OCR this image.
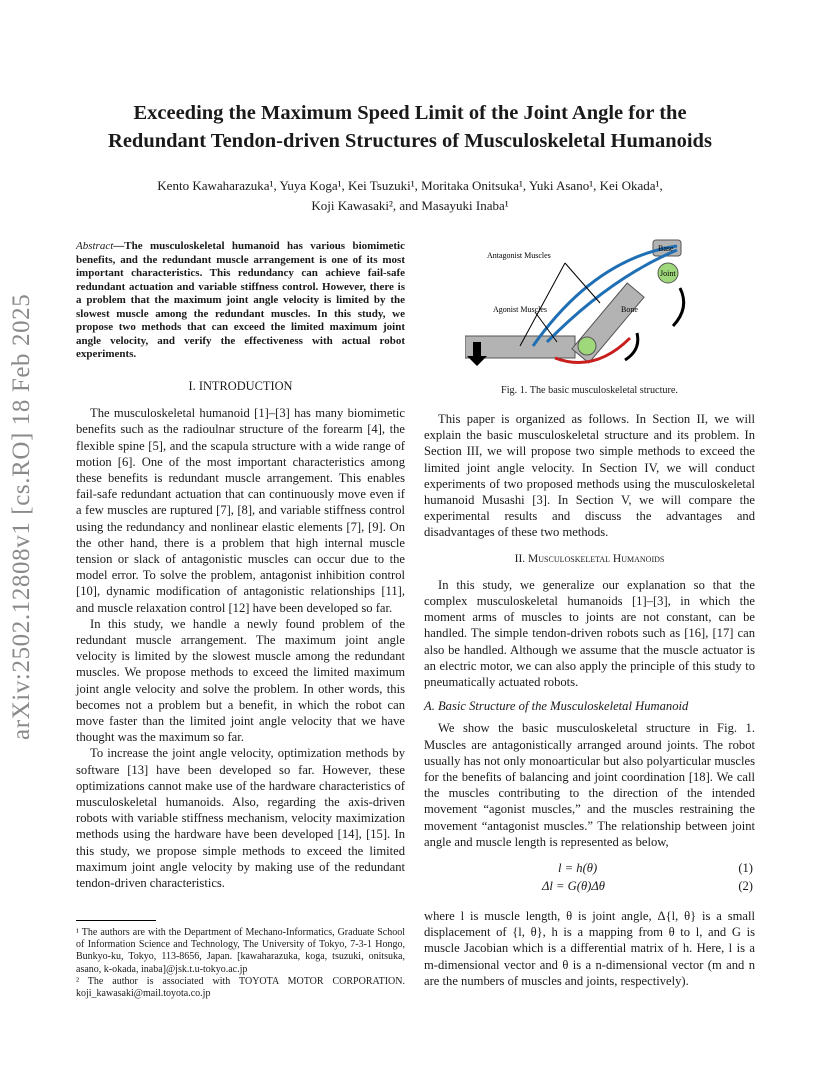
Exceeding the Maximum Speed Limit of the Joint Angle for the
Redundant Tendon-driven Structures of Musculoskeletal Humanoids
Kento Kawaharazuka¹, Yuya Koga¹, Kei Tsuzuki¹, Moritaka Onitsuka¹, Yuki Asano¹, Kei Okada¹,
Koji Kawasaki², and Masayuki Inaba¹
arXiv:2502.12808v1 [cs.RO] 18 Feb 2025
Abstract—The musculoskeletal humanoid has various biomimetic benefits, and the redundant muscle arrangement is one of its most important characteristics. This redundancy can achieve fail-safe redundant actuation and variable stiffness control. However, there is a problem that the maximum joint angle velocity is limited by the slowest muscle among the redundant muscles. In this study, we propose two methods that can exceed the limited maximum joint angle velocity, and verify the effectiveness with actual robot experiments.
I. INTRODUCTION

The musculoskeletal humanoid [1]–[3] has many biomimetic benefits such as the radioulnar structure of the forearm [4], the flexible spine [5], and the scapula structure with a wide range of motion [6]. One of the most important characteristics among these benefits is redundant muscle arrangement. This enables fail-safe redundant actuation that can continuously move even if a few muscles are ruptured [7], [8], and variable stiffness control using the redundancy and nonlinear elastic elements [7], [9]. On the other hand, there is a problem that high internal muscle tension or slack of antagonistic muscles can occur due to the model error. To solve the problem, antagonist inhibition control [10], dynamic modification of antagonistic relationships [11], and muscle relaxation control [12] have been developed so far.

In this study, we handle a newly found problem of the redundant muscle arrangement. The maximum joint angle velocity is limited by the slowest muscle among the redundant muscles. We propose methods to exceed the limited maximum joint angle velocity and solve the problem. In other words, this becomes not a problem but a benefit, in which the robot can move faster than the limited joint angle velocity that we have thought was the maximum so far.

To increase the joint angle velocity, optimization methods by software [13] have been developed so far. However, these optimizations cannot make use of the hardware characteristics of musculoskeletal humanoids. Also, regarding the axis-driven robots with variable stiffness mechanism, velocity maximization methods using the hardware have been developed [14], [15]. In this study, we propose simple methods to exceed the limited maximum joint angle velocity by making use of the redundant tendon-driven characteristics.

¹ The authors are with the Department of Mechano-Informatics, Graduate School of Information Science and Technology, The University of Tokyo, 7-3-1 Hongo, Bunkyo-ku, Tokyo, 113-8656, Japan. [kawaharazuka, koga, tsuzuki, onitsuka, asano, k-okada, inaba]@jsk.t.u-tokyo.ac.jp
² The author is associated with TOYOTA MOTOR CORPORATION. koji_kawasaki@mail.toyota.co.jp
Antagonist Muscles
Agonist Muscles
Base
Joint
Bone
Fig. 1. The basic musculoskeletal structure.

This paper is organized as follows. In Section II, we will explain the basic musculoskeletal structure and its problem. In Section III, we will propose two simple methods to exceed the limited joint angle velocity. In Section IV, we will conduct experiments of two proposed methods using the musculoskeletal humanoid Musashi [3]. In Section V, we will compare the experimental results and discuss the advantages and disadvantages of these two methods.

II. Musculoskeletal Humanoids

In this study, we generalize our explanation so that the complex musculoskeletal humanoids [1]–[3], in which the moment arms of muscles to joints are not constant, can be handled. The simple tendon-driven robots such as [16], [17] can also be handled. Although we assume that the muscle actuator is an electric motor, we can also apply the principle of this study to pneumatically actuated robots.

A. Basic Structure of the Musculoskeletal Humanoid

We show the basic musculoskeletal structure in Fig. 1. Muscles are antagonistically arranged around joints. The robot usually has not only monoarticular but also polyarticular muscles for the benefits of balancing and joint coordination [18]. We call the muscles contributing to the direction of the intended movement “agonist muscles,” and the muscles restraining the movement “antagonist muscles.” The relationship between joint angle and muscle length is represented as below,

l = h(θ)	(1)
Δl = G(θ)Δθ	(2)

where l is muscle length, θ is joint angle, Δ{l, θ} is a small displacement of {l, θ}, h is a mapping from θ to l, and G is muscle Jacobian which is a differential matrix of h. Here, l is a m-dimensional vector and θ is a n-dimensional vector (m and n are the numbers of muscles and joints, respectively).
